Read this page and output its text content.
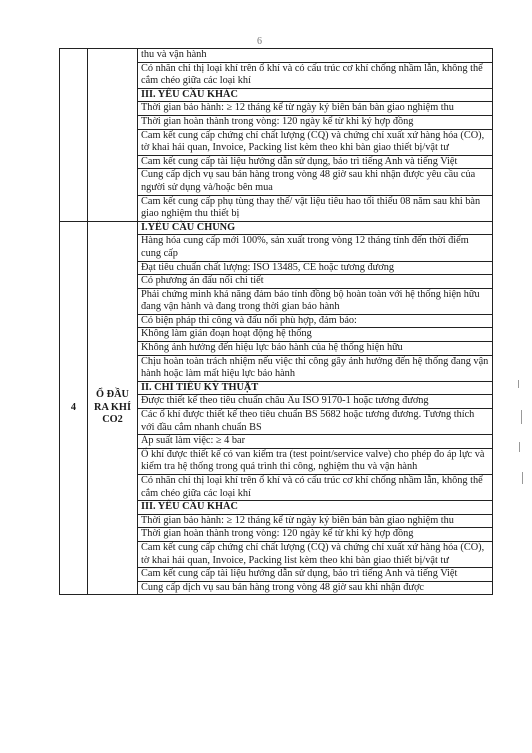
6
		thu và vận hành
		Có nhãn chỉ thị loại khí trên ổ khí và có cấu trúc cơ khí chống nhầm lẫn, không thể cắm chéo giữa các loại khí
		III. YÊU CẦU KHÁC
		Thời gian bảo hành: ≥ 12 tháng kể từ ngày ký biên bản bàn giao nghiệm thu
		Thời gian hoàn thành trong vòng: 120 ngày kể từ khi ký hợp đồng
		Cam kết cung cấp chứng chỉ chất lượng (CQ) và chứng chỉ xuất xứ hàng hóa (CO), tờ khai hải quan, Invoice, Packing list kèm theo khi bàn giao thiết bị/vật tư
		Cam kết cung cấp tài liệu hướng dẫn sử dụng, bảo trì tiếng Anh và tiếng Việt
		Cung cấp dịch vụ sau bán hàng trong vòng 48 giờ sau khi nhận được yêu cầu của người sử dụng và/hoặc bên mua
		Cam kết cung cấp phụ tùng thay thế/ vật liệu tiêu hao tối thiểu 08 năm sau khi bàn giao nghiệm thu thiết bị
4	Ổ ĐẦU RA KHÍ CO2	I.YÊU CẦU CHUNG
		Hàng hóa cung cấp mới 100%, sản xuất trong vòng 12 tháng tính đến thời điểm cung cấp
		Đạt tiêu chuẩn chất lượng: ISO 13485, CE hoặc tương đương
		Có phương án đấu nối chi tiết
		Phải chứng minh khả năng đảm bảo tính đồng bộ hoàn toàn với hệ thống hiện hữu đang vận hành và đang trong thời gian bảo hành
		Có biện pháp thi công và đấu nối phù hợp, đảm bảo:
		Không làm gián đoạn hoạt động hệ thống
		Không ảnh hưởng đến hiệu lực bảo hành của hệ thống hiện hữu
		Chịu hoàn toàn trách nhiệm nếu việc thi công gây ảnh hưởng đến hệ thống đang vận hành hoặc làm mất hiệu lực bảo hành
		II. CHỈ TIÊU KỸ THUẬT
		Được thiết kế theo tiêu chuẩn châu Âu ISO 9170-1 hoặc tương đương
		Các ổ khí được thiết kế theo tiêu chuẩn BS 5682 hoặc tương đương. Tương thích với đầu cắm nhanh chuẩn BS
		Áp suất làm việc: ≥ 4 bar
		Ổ khí được thiết kế có van kiểm tra (test point/service valve) cho phép đo áp lực và kiểm tra hệ thống trong quá trình thi công, nghiệm thu và vận hành
		Có nhãn chỉ thị loại khí trên ổ khí và có cấu trúc cơ khí chống nhầm lẫn, không thể cắm chéo giữa các loại khí
		III. YÊU CẦU KHÁC
		Thời gian bảo hành: ≥ 12 tháng kể từ ngày ký biên bản bàn giao nghiệm thu
		Thời gian hoàn thành trong vòng: 120 ngày kể từ khi ký hợp đồng
		Cam kết cung cấp chứng chỉ chất lượng (CQ) và chứng chỉ xuất xứ hàng hóa (CO), tờ khai hải quan, Invoice, Packing list kèm theo khi bàn giao thiết bị/vật tư
		Cam kết cung cấp tài liệu hướng dẫn sử dụng, bảo trì tiếng Anh và tiếng Việt
		Cung cấp dịch vụ sau bán hàng trong vòng 48 giờ sau khi nhận được
